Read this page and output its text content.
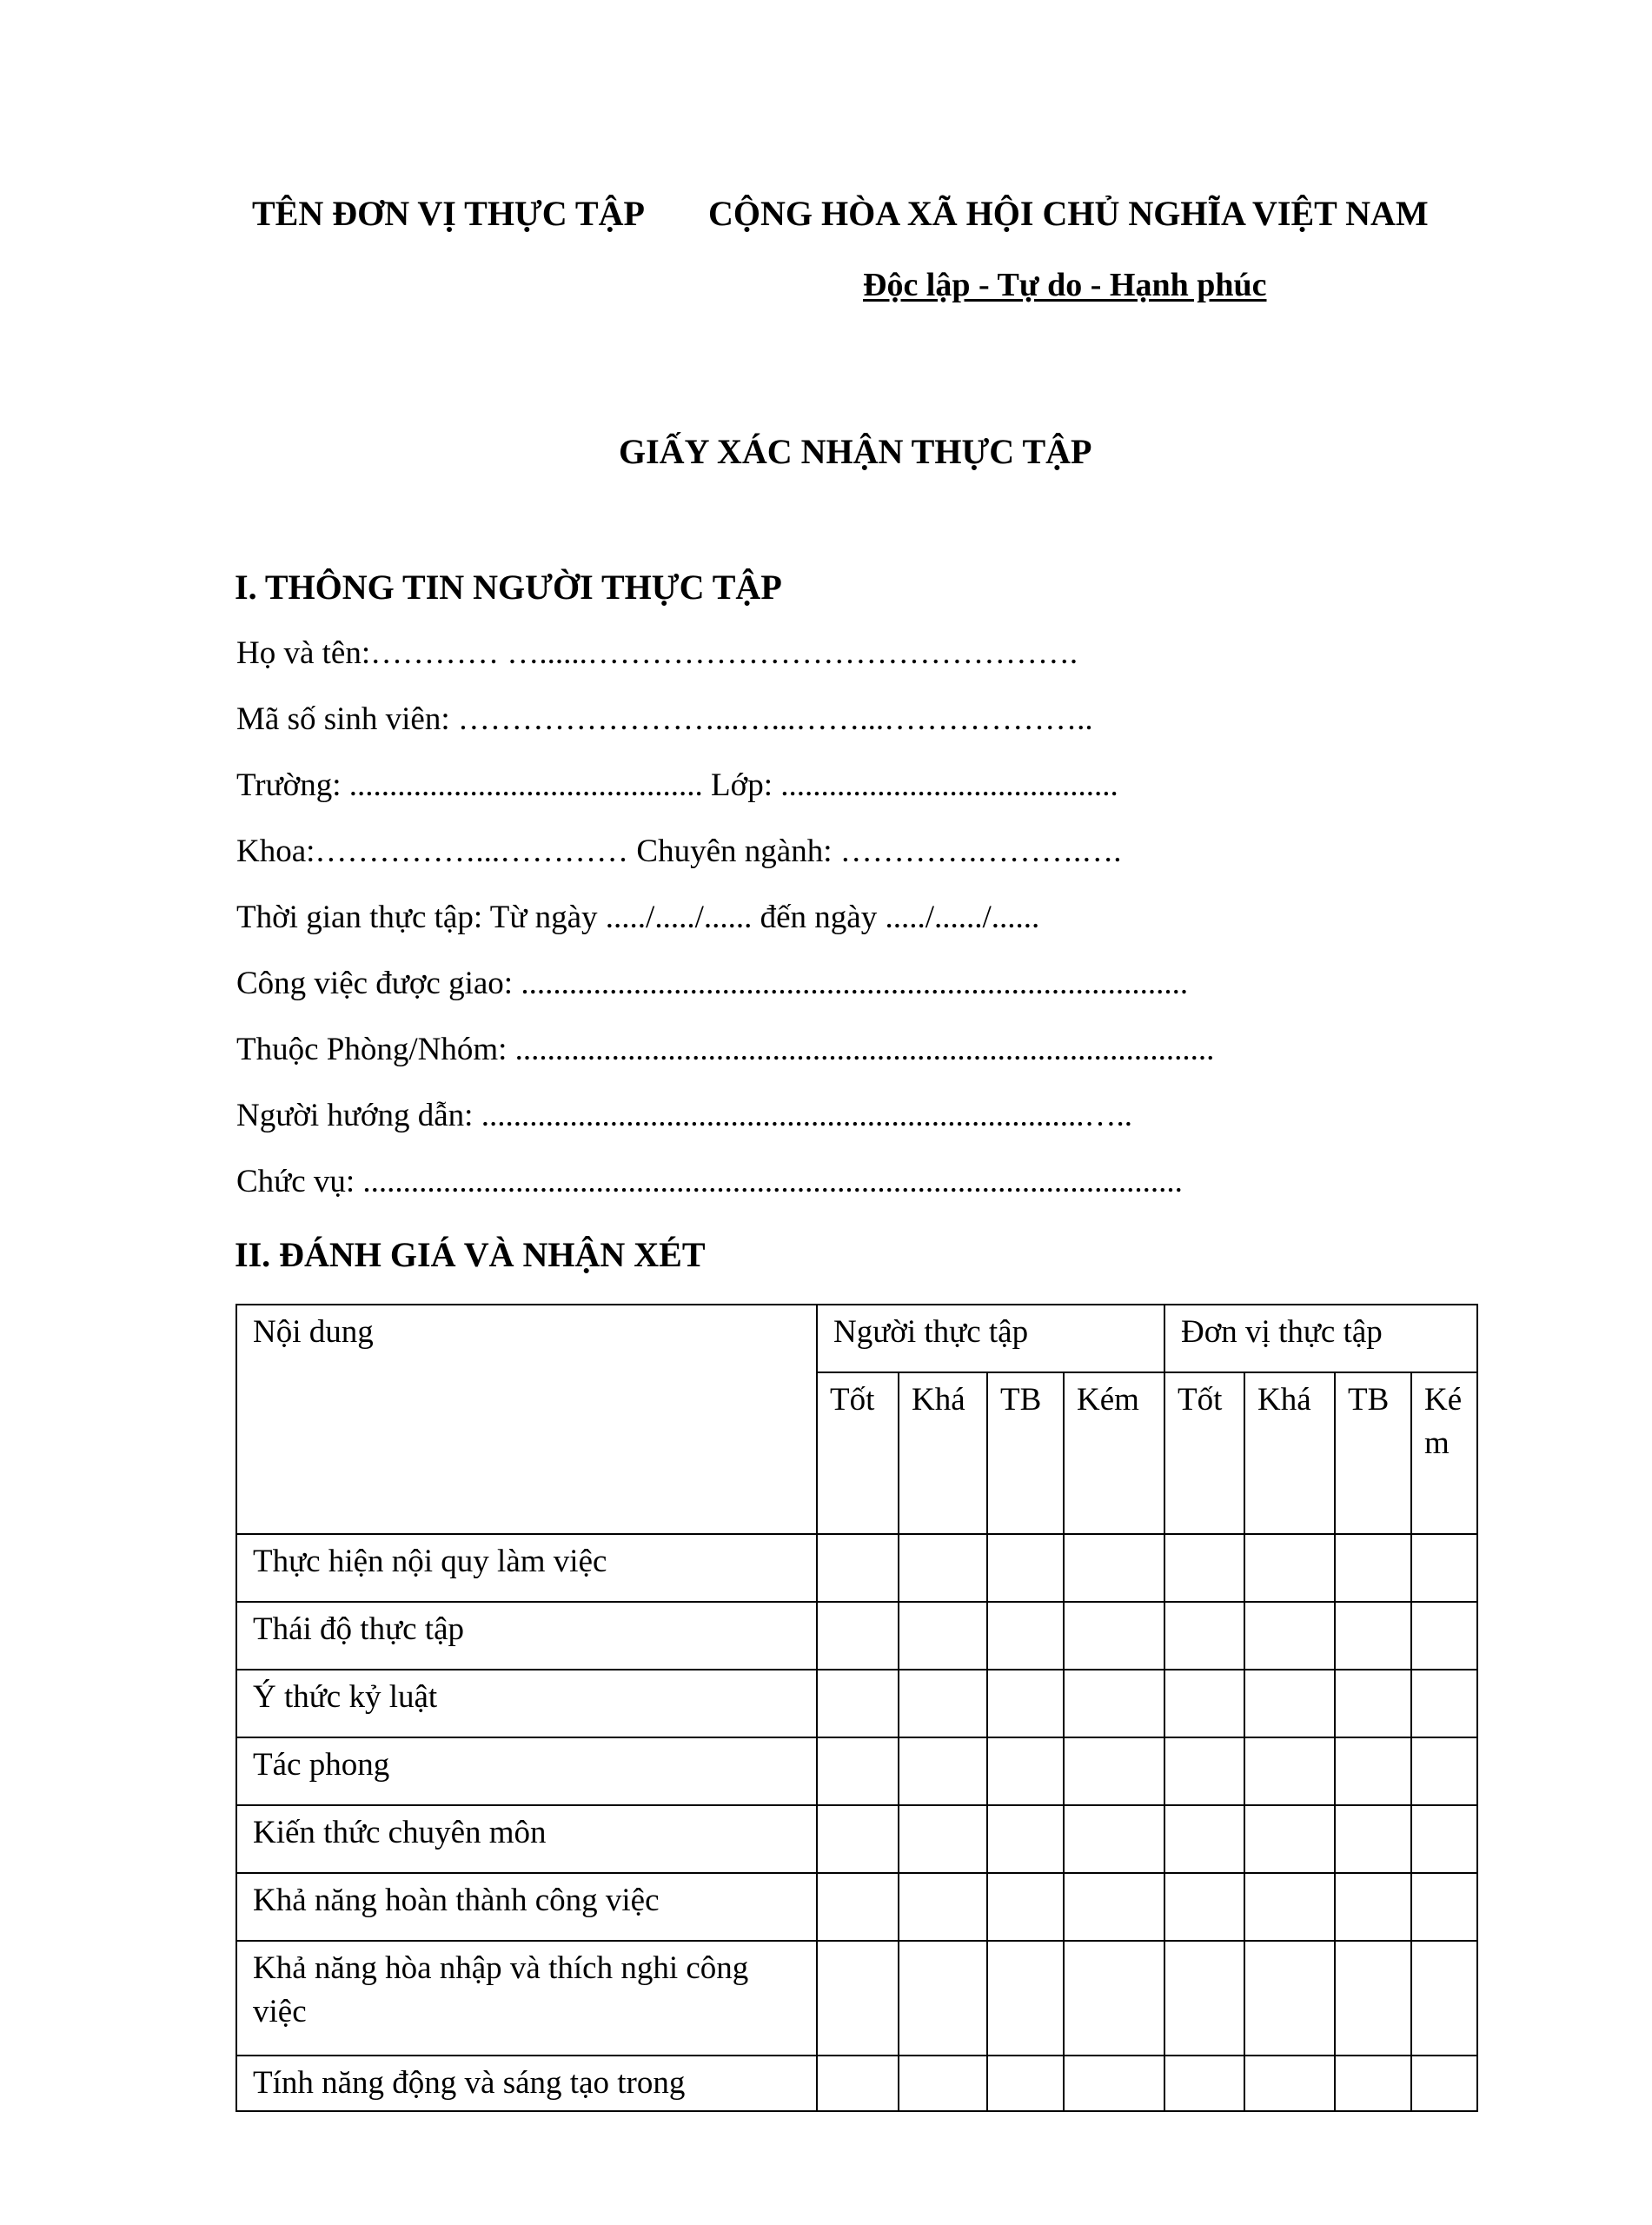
TÊN ĐƠN VỊ THỰC TẬP CỘNG HÒA XÃ HỘI CHỦ NGHĨA VIỆT NAM
Độc lập - Tự do - Hạnh phúc
GIẤY XÁC NHẬN THỰC TẬP
I. THÔNG TIN NGƯỜI THỰC TẬP
Họ và tên:………… …......……………………………………….
Mã số sinh viên: ……………………...…...……...………………..
Trường: ............................................ Lớp: ..........................................
Khoa:……………...………… Chuyên ngành: ………….……….….
Thời gian thực tập: Từ ngày ...../...../...... đến ngày ...../....../......
Công việc được giao: ...................................................................................
Thuộc Phòng/Nhóm: .......................................................................................
Người hướng dẫn: ...........................................................................…..
Chức vụ: ......................................................................................................
II. ĐÁNH GIÁ VÀ NHẬN XÉT
Nội dung	Người thực tập				Đơn vị thực tập			
	Tốt	Khá	TB	Kém	Tốt	Khá	TB	Kém
Thực hiện nội quy làm việc								
Thái độ thực tập								
Ý thức kỷ luật								
Tác phong								
Kiến thức chuyên môn								
Khả năng hoàn thành công việc								
Khả năng hòa nhập và thích nghi công việc								
Tính năng động và sáng tạo trong								
